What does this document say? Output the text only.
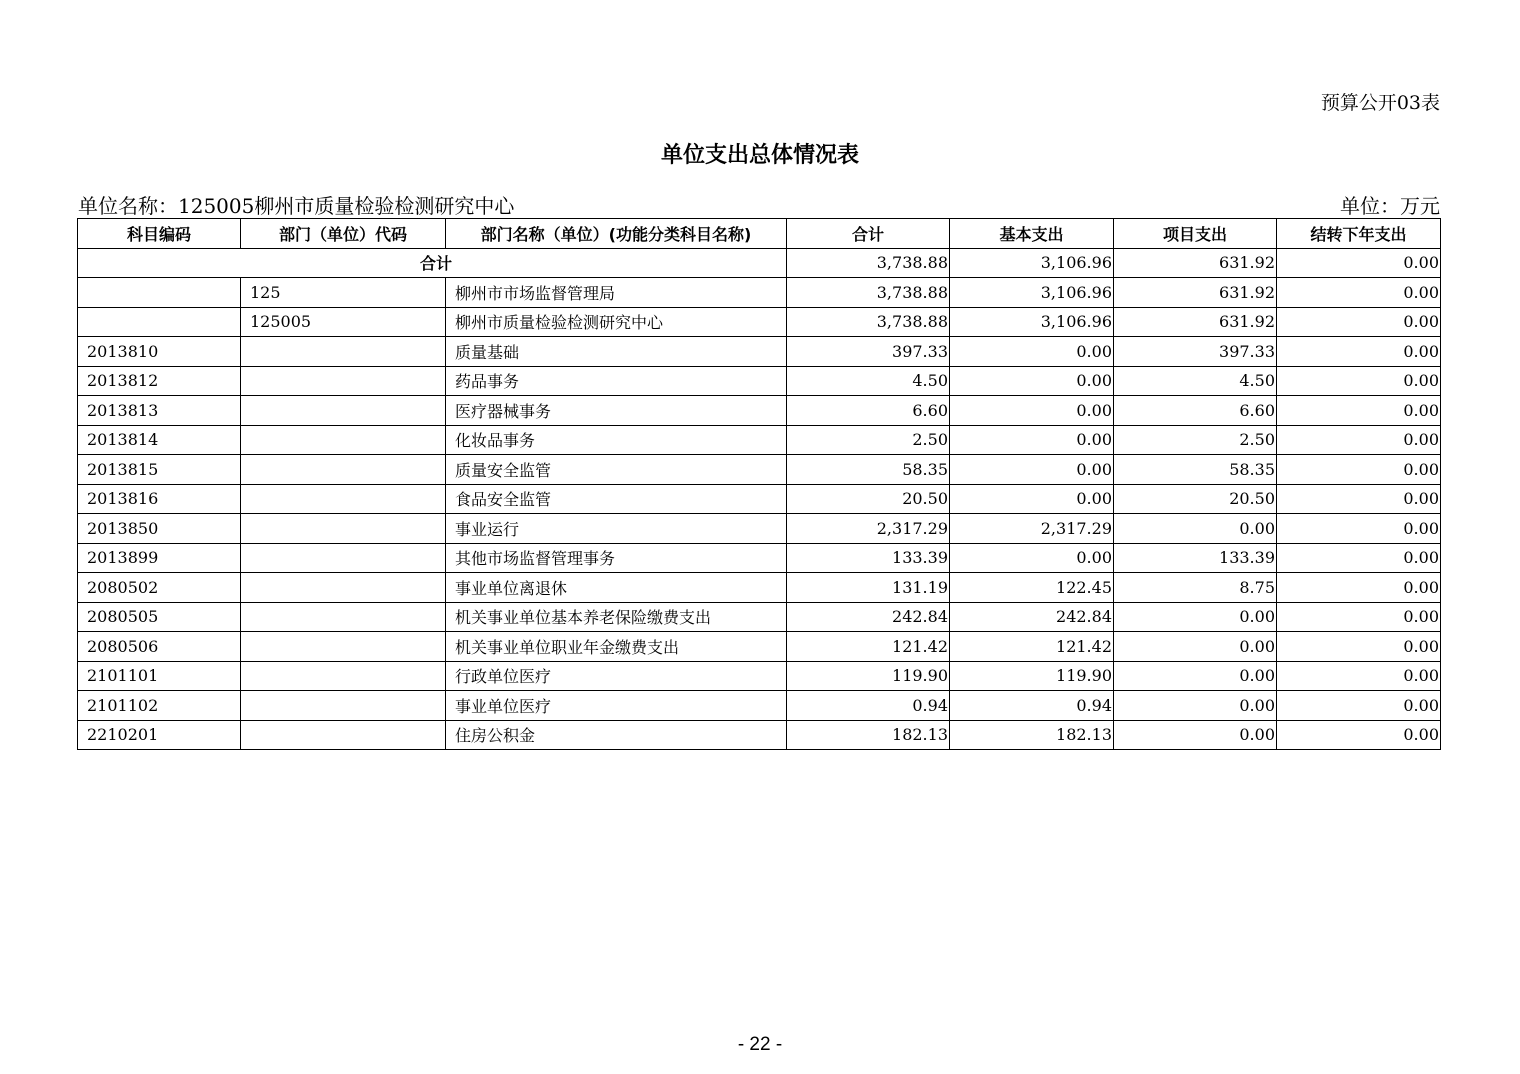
预算公开03表
单位支出总体情况表
单位名称：125005柳州市质量检验检测研究中心	单位：万元
科目编码	部门（单位）代码	部门名称（单位）(功能分类科目名称)	合计	基本支出	项目支出	结转下年支出
合计			3,738.88	3,106.96	631.92	0.00
	125	柳州市市场监督管理局	3,738.88	3,106.96	631.92	0.00
	125005	柳州市质量检验检测研究中心	3,738.88	3,106.96	631.92	0.00
2013810		质量基础	397.33	0.00	397.33	0.00
2013812		药品事务	4.50	0.00	4.50	0.00
2013813		医疗器械事务	6.60	0.00	6.60	0.00
2013814		化妆品事务	2.50	0.00	2.50	0.00
2013815		质量安全监管	58.35	0.00	58.35	0.00
2013816		食品安全监管	20.50	0.00	20.50	0.00
2013850		事业运行	2,317.29	2,317.29	0.00	0.00
2013899		其他市场监督管理事务	133.39	0.00	133.39	0.00
2080502		事业单位离退休	131.19	122.45	8.75	0.00
2080505		机关事业单位基本养老保险缴费支出	242.84	242.84	0.00	0.00
2080506		机关事业单位职业年金缴费支出	121.42	121.42	0.00	0.00
2101101		行政单位医疗	119.90	119.90	0.00	0.00
2101102		事业单位医疗	0.94	0.94	0.00	0.00
2210201		住房公积金	182.13	182.13	0.00	0.00
- 22 -
